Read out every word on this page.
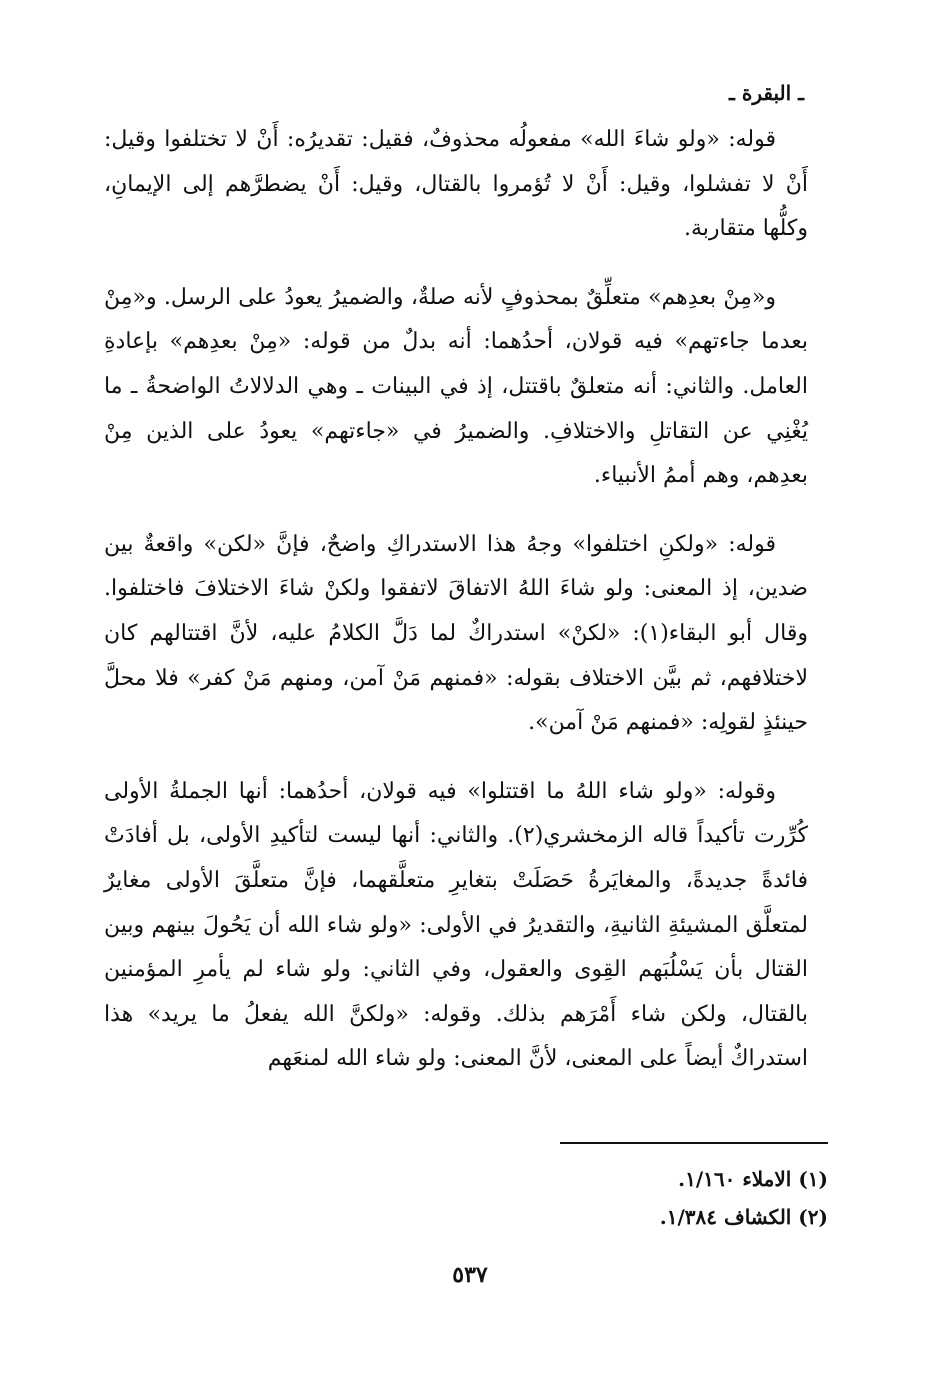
ـ البقرة ـ

قوله: «ولو شاءَ الله» مفعولُه محذوفٌ، فقيل: تقديرُه: أَنْ لا تختلفوا وقيل: أَنْ لا تفشلوا، وقيل: أَنْ لا تُؤمروا بالقتال، وقيل: أَنْ يضطرَّهم إلى الإيمانِ، وكلُّها متقاربة.

و«مِنْ بعدِهم» متعلِّقٌ بمحذوفٍ لأنه صلةٌ، والضميرُ يعودُ على الرسل. و«مِنْ بعدما جاءتهم» فيه قولان، أحدُهما: أنه بدلٌ من قوله: «مِنْ بعدِهم» بإعادةِ العامل. والثاني: أنه متعلقٌ باقتتل، إذ في البينات ـ وهي الدلالاتُ الواضحةُ ـ ما يُغْنِي عن التقاتلِ والاختلافِ. والضميرُ في «جاءتهم» يعودُ على الذين مِنْ بعدِهم، وهم أممُ الأنبياء.

قوله: «ولكنِ اختلفوا» وجهُ هذا الاستدراكِ واضحٌ، فإنَّ «لكن» واقعةٌ بين ضدين، إذ المعنى: ولو شاءَ اللهُ الاتفاقَ لاتفقوا ولكنْ شاءَ الاختلافَ فاختلفوا. وقال أبو البقاء(١): «لكنْ» استدراكٌ لما دَلَّ الكلامُ عليه، لأنَّ اقتتالهم كان لاختلافهم، ثم بيَّن الاختلاف بقوله: «فمنهم مَنْ آمن، ومنهم مَنْ كفر» فلا محلَّ حينئذٍ لقولِه: «فمنهم مَنْ آمن».

وقوله: «ولو شاء اللهُ ما اقتتلوا» فيه قولان، أحدُهما: أنها الجملةُ الأولى كُرِّرت تأكيداً قاله الزمخشري(٢). والثاني: أنها ليست لتأكيدِ الأولى، بل أفادَتْ فائدةً جديدةً، والمغايَرةُ حَصَلَتْ بتغايرِ متعلَّقهما، فإنَّ متعلَّقَ الأولى مغايرٌ لمتعلَّق المشيئةِ الثانيةِ، والتقديرُ في الأولى: «ولو شاء الله أن يَحُولَ بينهم وبين القتال بأن يَسْلُبَهم القِوى والعقول، وفي الثاني: ولو شاء لم يأمرِ المؤمنين بالقتال، ولكن شاء أَمْرَهم بذلك. وقوله: «ولكنَّ الله يفعلُ ما يريد» هذا استدراكٌ أيضاً على المعنى، لأنَّ المعنى: ولو شاء الله لمنعَهم

(١) الاملاء ١/١٦٠.

(٢) الكشاف ١/٣٨٤.

٥٣٧
